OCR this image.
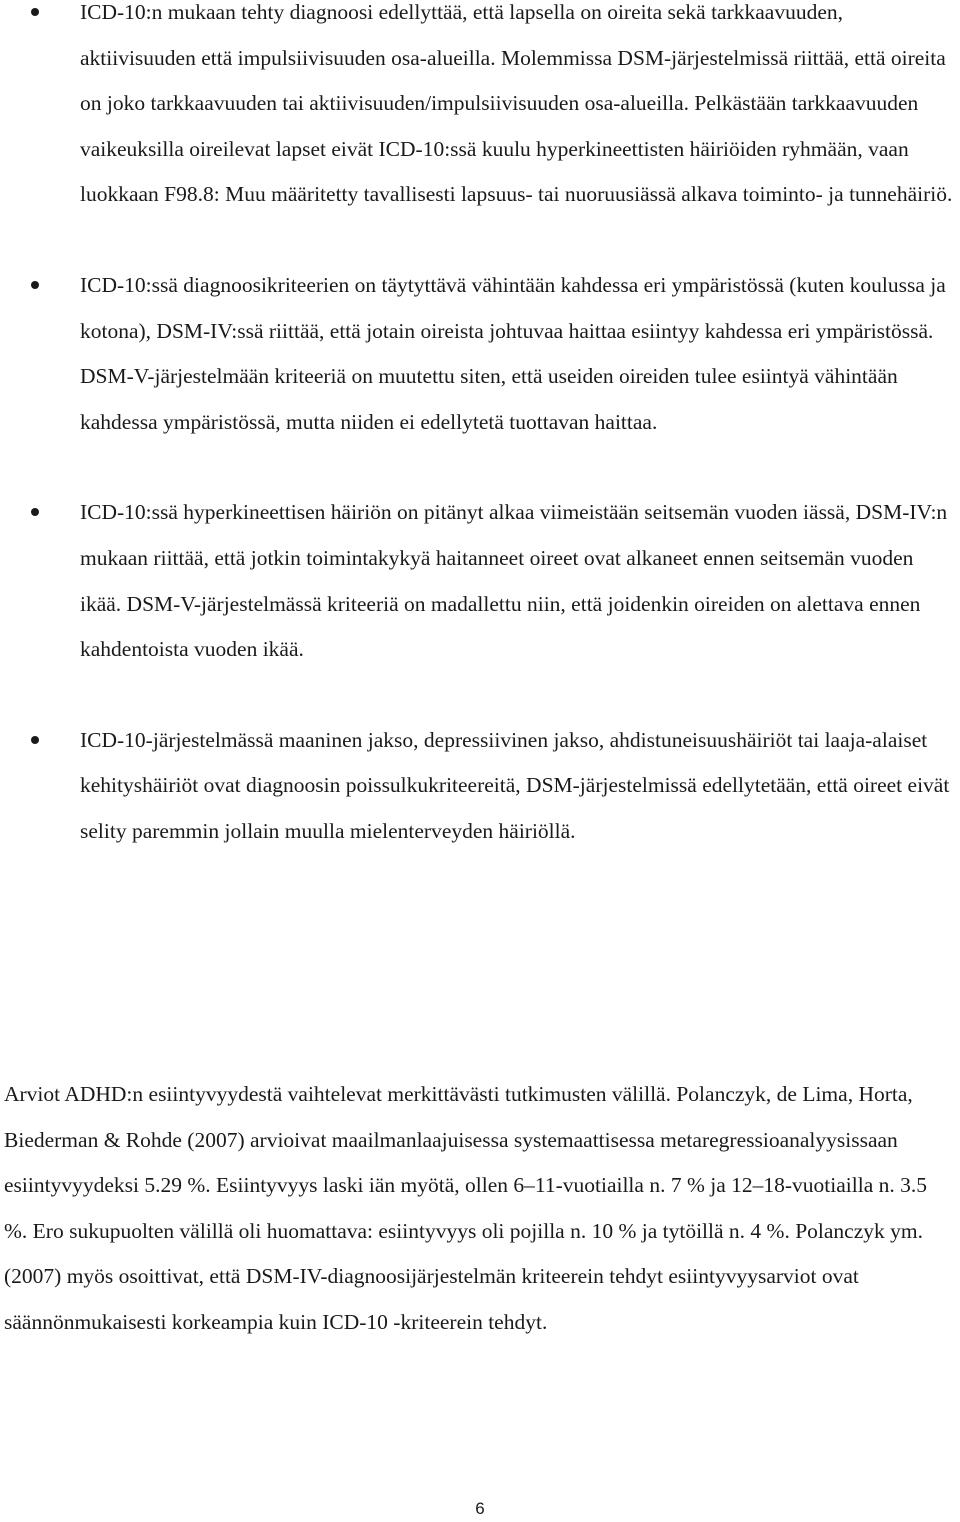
ICD-10:n mukaan tehty diagnoosi edellyttää, että lapsella on oireita sekä tarkkaavuuden, aktiivisuuden että impulsiivisuuden osa-alueilla. Molemmissa DSM-järjestelmissä riittää, että oireita on joko tarkkaavuuden tai aktiivisuuden/impulsiivisuuden osa-alueilla. Pelkästään tarkkaavuuden vaikeuksilla oireilevat lapset eivät ICD-10:ssä kuulu hyperkineettisten häiriöiden ryhmään, vaan luokkaan F98.8: Muu määritetty tavallisesti lapsuus- tai nuoruusiässä alkava toiminto- ja tunnehäiriö.
ICD-10:ssä diagnoosikriteerien on täytyttävä vähintään kahdessa eri ympäristössä (kuten koulussa ja kotona), DSM-IV:ssä riittää, että jotain oireista johtuvaa haittaa esiintyy kahdessa eri ympäristössä. DSM-V-järjestelmään kriteeriä on muutettu siten, että useiden oireiden tulee esiintyä vähintään kahdessa ympäristössä, mutta niiden ei edellytetä tuottavan haittaa.
ICD-10:ssä hyperkineettisen häiriön on pitänyt alkaa viimeistään seitsemän vuoden iässä, DSM-IV:n mukaan riittää, että jotkin toimintakykyä haitanneet oireet ovat alkaneet ennen seitsemän vuoden ikää. DSM-V-järjestelmässä kriteeriä on madallettu niin, että joidenkin oireiden on alettava ennen kahdentoista vuoden ikää.
ICD-10-järjestelmässä maaninen jakso, depressiivinen jakso, ahdistuneisuushäiriöt tai laaja-alaiset kehityshäiriöt ovat diagnoosin poissulkukriteereitä, DSM-järjestelmissä edellytetään, että oireet eivät selity paremmin jollain muulla mielenterveyden häiriöllä.

Arviot ADHD:n esiintyvyydestä vaihtelevat merkittävästi tutkimusten välillä. Polanczyk, de Lima, Horta, Biederman & Rohde (2007) arvioivat maailmanlaajuisessa systemaattisessa metaregressioanalyysissaan esiintyvyydeksi 5.29 %. Esiintyvyys laski iän myötä, ollen 6–11-vuotiailla n. 7 % ja 12–18-vuotiailla n. 3.5 %. Ero sukupuolten välillä oli huomattava: esiintyvyys oli pojilla n. 10 % ja tytöillä n. 4 %. Polanczyk ym. (2007) myös osoittivat, että DSM-IV-diagnoosijärjestelmän kriteerein tehdyt esiintyvyysarviot ovat säännönmukaisesti korkeampia kuin ICD-10 -kriteerein tehdyt.

6
